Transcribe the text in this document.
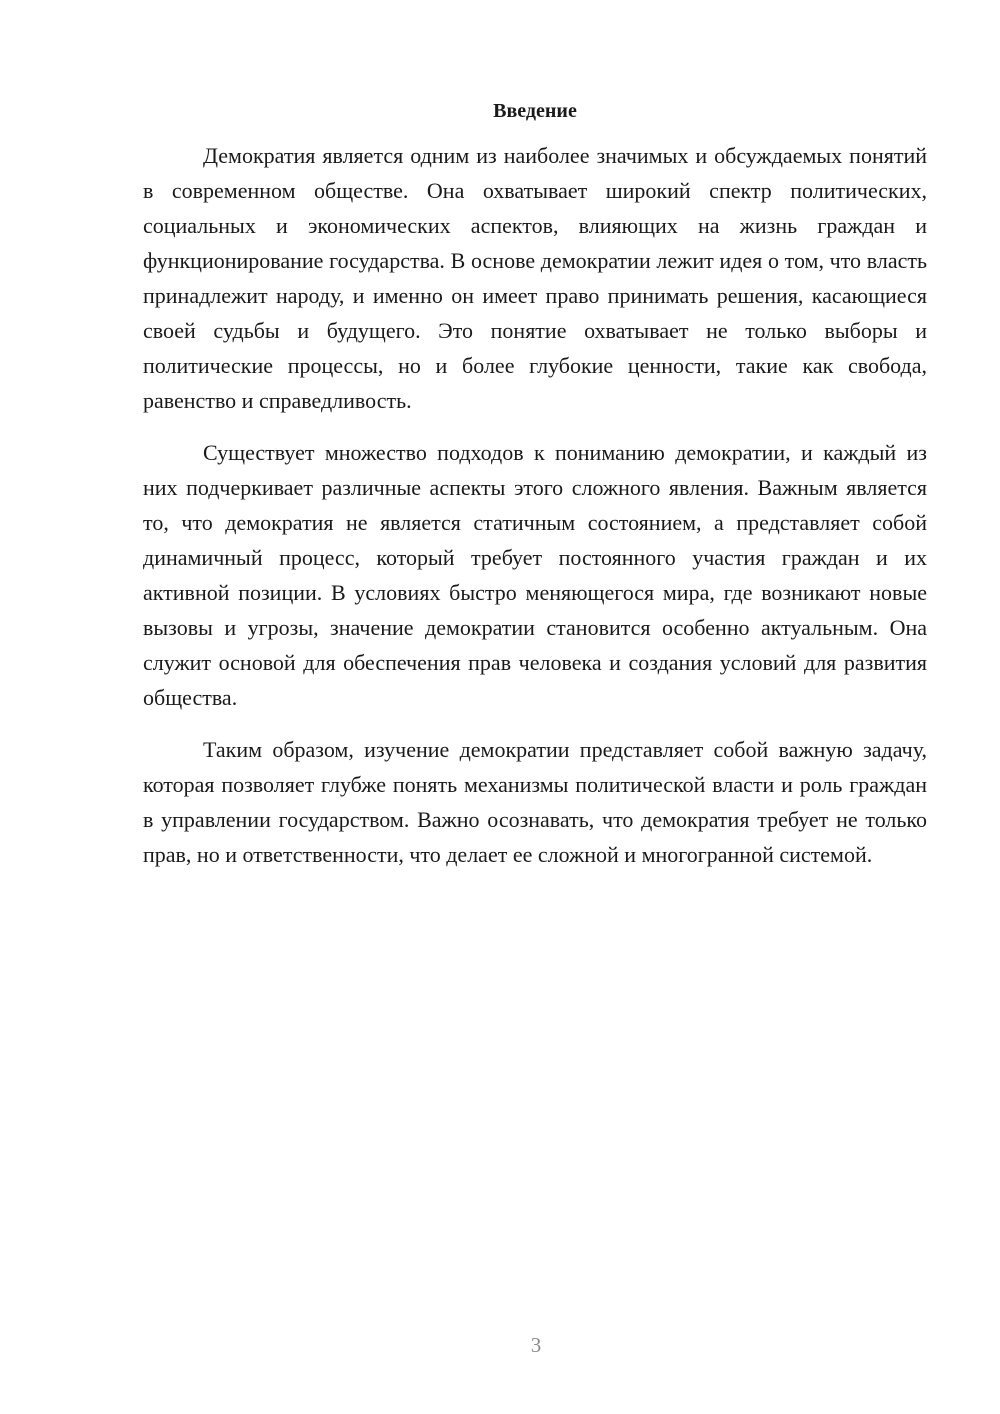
Введение

Демократия является одним из наиболее значимых и обсуждаемых понятий в современном обществе. Она охватывает широкий спектр политических, социальных и экономических аспектов, влияющих на жизнь граждан и функционирование государства. В основе демократии лежит идея о том, что власть принадлежит народу, и именно он имеет право принимать решения, касающиеся своей судьбы и будущего. Это понятие охватывает не только выборы и политические процессы, но и более глубокие ценности, такие как свобода, равенство и справедливость.

Существует множество подходов к пониманию демократии, и каждый из них подчеркивает различные аспекты этого сложного явления. Важным является то, что демократия не является статичным состоянием, а представляет собой динамичный процесс, который требует постоянного участия граждан и их активной позиции. В условиях быстро меняющегося мира, где возникают новые вызовы и угрозы, значение демократии становится особенно актуальным. Она служит основой для обеспечения прав человека и создания условий для развития общества.

Таким образом, изучение демократии представляет собой важную задачу, которая позволяет глубже понять механизмы политической власти и роль граждан в управлении государством. Важно осознавать, что демократия требует не только прав, но и ответственности, что делает ее сложной и многогранной системой.

3
